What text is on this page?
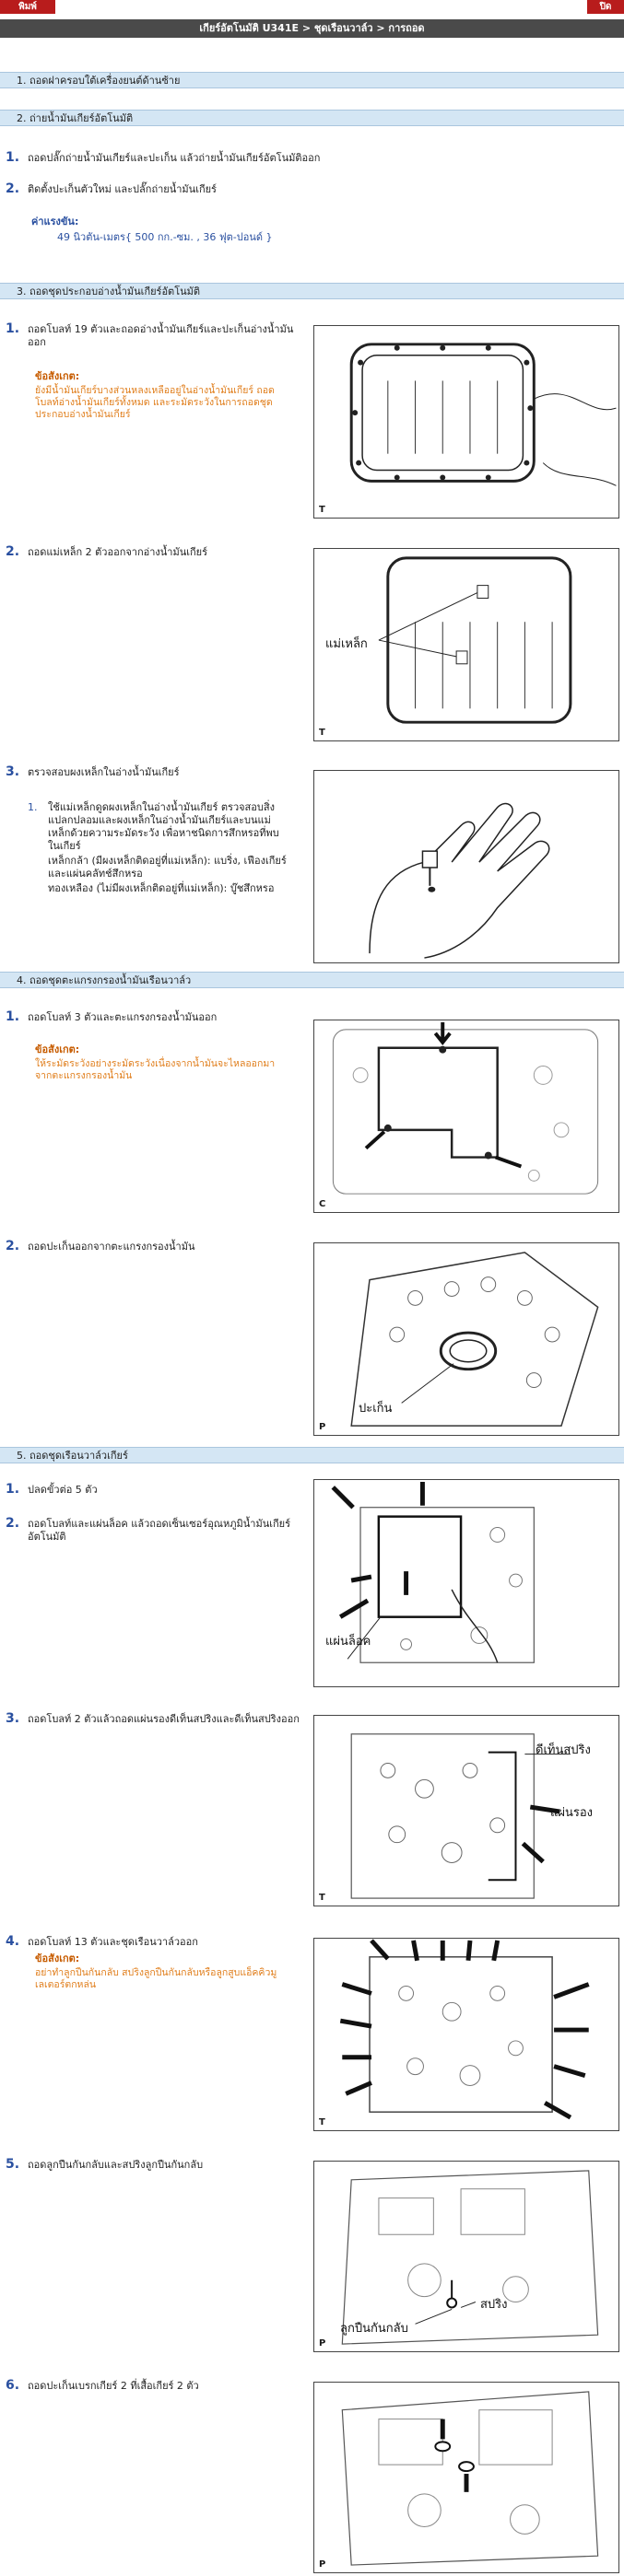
พิมพ์	ปิด
เกียร์อัตโนมัติ U341E > ชุดเรือนวาล์ว > การถอด
1. ถอดฝาครอบใต้เครื่องยนต์ด้านซ้าย
2. ถ่ายน้ำมันเกียร์อัตโนมัติ
1. ถอดปลั๊กถ่ายน้ำมันเกียร์และปะเก็น แล้วถ่ายน้ำมันเกียร์อัตโนมัติออก
2. ติดตั้งปะเก็นตัวใหม่ และปลั๊กถ่ายน้ำมันเกียร์
ค่าแรงขัน:
49 นิวตัน-เมตร{ 500 กก.-ซม. , 36 ฟุต-ปอนด์ }
3. ถอดชุดประกอบอ่างน้ำมันเกียร์อัตโนมัติ
1. ถอดโบลท์ 19 ตัวและถอดอ่างน้ำมันเกียร์และปะเก็นอ่างน้ำมันออก
ข้อสังเกต:
ยังมีน้ำมันเกียร์บางส่วนหลงเหลืออยู่ในอ่างน้ำมันเกียร์ ถอดโบลท์อ่างน้ำมันเกียร์ทั้งหมด และระมัดระวังในการถอดชุดประกอบอ่างน้ำมันเกียร์
T
2. ถอดแม่เหล็ก 2 ตัวออกจากอ่างน้ำมันเกียร์
แม่เหล็ก
T
3. ตรวจสอบผงเหล็กในอ่างน้ำมันเกียร์
1. ใช้แม่เหล็กดูดผงเหล็กในอ่างน้ำมันเกียร์ ตรวจสอบสิ่งแปลกปลอมและผงเหล็กในอ่างน้ำมันเกียร์และบนแม่เหล็กด้วยความระมัดระวัง เพื่อหาชนิดการสึกหรอที่พบในเกียร์
เหล็กกล้า (มีผงเหล็กติดอยู่ที่แม่เหล็ก): แบริ่ง, เฟืองเกียร์ และแผ่นคลัทช์สึกหรอ
ทองเหลือง (ไม่มีผงเหล็กติดอยู่ที่แม่เหล็ก): บู๊ชสึกหรอ
4. ถอดชุดตะแกรงกรองน้ำมันเรือนวาล์ว
1. ถอดโบลท์ 3 ตัวและตะแกรงกรองน้ำมันออก
ข้อสังเกต:
ให้ระมัดระวังอย่างระมัดระวังเนื่องจากน้ำมันจะไหลออกมาจากตะแกรงกรองน้ำมัน
C
2. ถอดปะเก็นออกจากตะแกรงกรองน้ำมัน
ปะเก็น
P
5. ถอดชุดเรือนวาล์วเกียร์
1. ปลดขั้วต่อ 5 ตัว
2. ถอดโบลท์และแผ่นล็อค แล้วถอดเซ็นเซอร์อุณหภูมิน้ำมันเกียร์อัตโนมัติ
แผ่นล็อค
3. ถอดโบลท์ 2 ตัวแล้วถอดแผ่นรองดีเท็นสปริงและดีเท็นสปริงออก
ดีเท็นสปริง
แผ่นรอง
T
4. ถอดโบลท์ 13 ตัวและชุดเรือนวาล์วออก
ข้อสังเกต:
อย่าทำลูกปืนกันกลับ สปริงลูกปืนกันกลับหรือลูกสูบแอ็คคิวมูเลเตอร์ตกหล่น
T
5. ถอดลูกปืนกันกลับและสปริงลูกปืนกันกลับ
สปริง
ลูกปืนกันกลับ
P
6. ถอดปะเก็นเบรกเกียร์ 2 ที่เสื้อเกียร์ 2 ตัว
P
